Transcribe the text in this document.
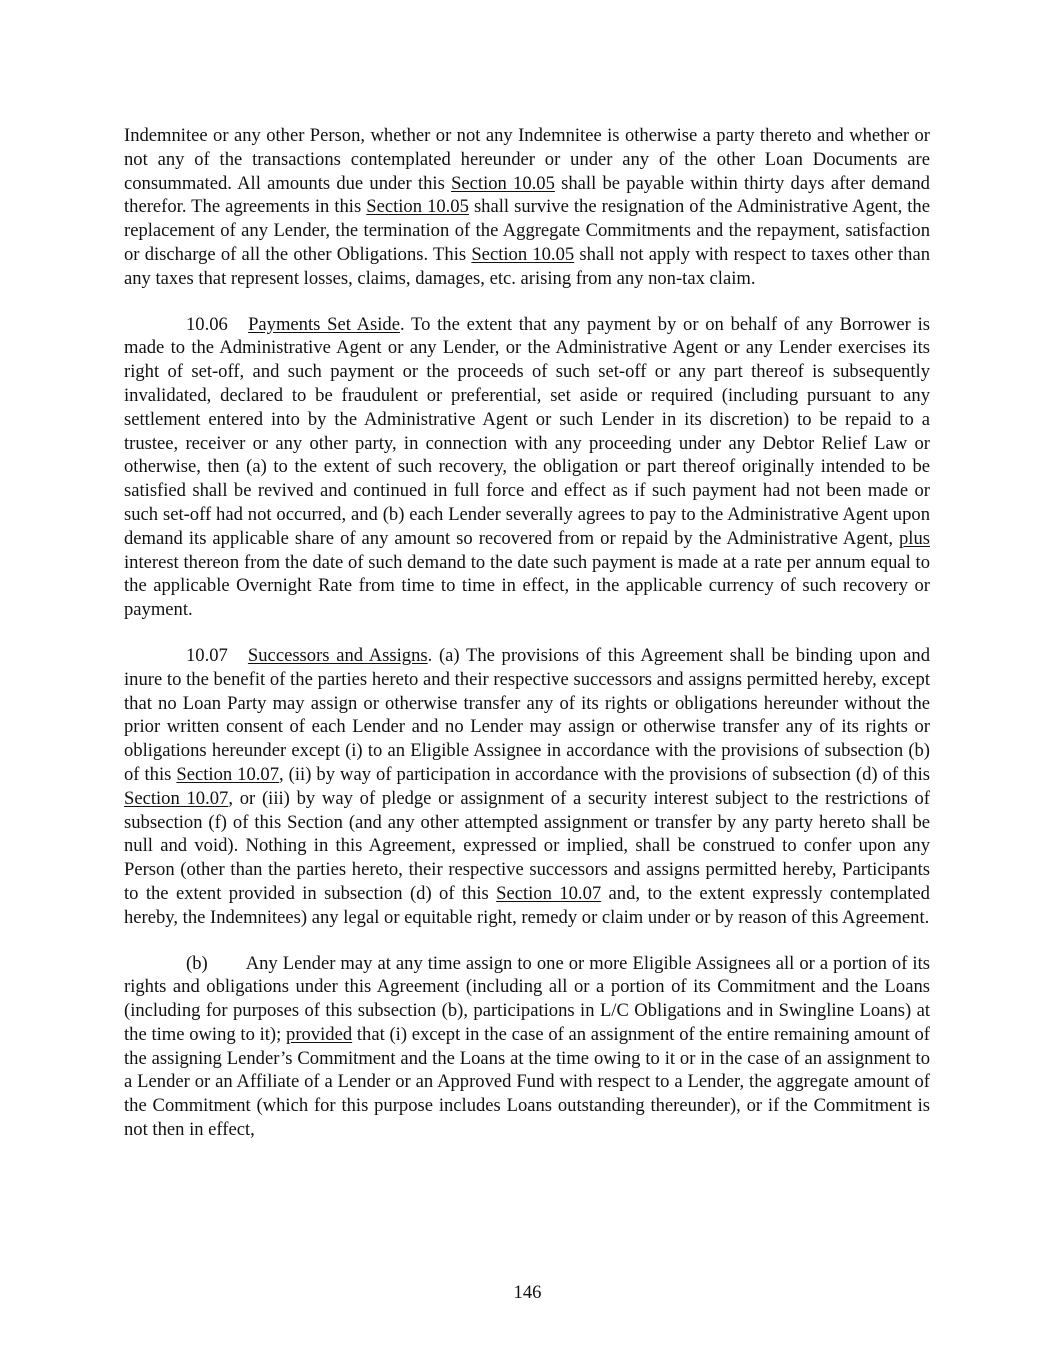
Indemnitee or any other Person, whether or not any Indemnitee is otherwise a party thereto and whether or not any of the transactions contemplated hereunder or under any of the other Loan Documents are consummated. All amounts due under this Section 10.05 shall be payable within thirty days after demand therefor. The agreements in this Section 10.05 shall survive the resignation of the Administrative Agent, the replacement of any Lender, the termination of the Aggregate Commitments and the repayment, satisfaction or discharge of all the other Obligations. This Section 10.05 shall not apply with respect to taxes other than any taxes that represent losses, claims, damages, etc. arising from any non-tax claim.

10.06 Payments Set Aside. To the extent that any payment by or on behalf of any Borrower is made to the Administrative Agent or any Lender, or the Administrative Agent or any Lender exercises its right of set-off, and such payment or the proceeds of such set-off or any part thereof is subsequently invalidated, declared to be fraudulent or preferential, set aside or required (including pursuant to any settlement entered into by the Administrative Agent or such Lender in its discretion) to be repaid to a trustee, receiver or any other party, in connection with any proceeding under any Debtor Relief Law or otherwise, then (a) to the extent of such recovery, the obligation or part thereof originally intended to be satisfied shall be revived and continued in full force and effect as if such payment had not been made or such set-off had not occurred, and (b) each Lender severally agrees to pay to the Administrative Agent upon demand its applicable share of any amount so recovered from or repaid by the Administrative Agent, plus interest thereon from the date of such demand to the date such payment is made at a rate per annum equal to the applicable Overnight Rate from time to time in effect, in the applicable currency of such recovery or payment.

10.07 Successors and Assigns. (a) The provisions of this Agreement shall be binding upon and inure to the benefit of the parties hereto and their respective successors and assigns permitted hereby, except that no Loan Party may assign or otherwise transfer any of its rights or obligations hereunder without the prior written consent of each Lender and no Lender may assign or otherwise transfer any of its rights or obligations hereunder except (i) to an Eligible Assignee in accordance with the provisions of subsection (b) of this Section 10.07, (ii) by way of participation in accordance with the provisions of subsection (d) of this Section 10.07, or (iii) by way of pledge or assignment of a security interest subject to the restrictions of subsection (f) of this Section (and any other attempted assignment or transfer by any party hereto shall be null and void). Nothing in this Agreement, expressed or implied, shall be construed to confer upon any Person (other than the parties hereto, their respective successors and assigns permitted hereby, Participants to the extent provided in subsection (d) of this Section 10.07 and, to the extent expressly contemplated hereby, the Indemnitees) any legal or equitable right, remedy or claim under or by reason of this Agreement.

(b) Any Lender may at any time assign to one or more Eligible Assignees all or a portion of its rights and obligations under this Agreement (including all or a portion of its Commitment and the Loans (including for purposes of this subsection (b), participations in L/C Obligations and in Swingline Loans) at the time owing to it); provided that (i) except in the case of an assignment of the entire remaining amount of the assigning Lender’s Commitment and the Loans at the time owing to it or in the case of an assignment to a Lender or an Affiliate of a Lender or an Approved Fund with respect to a Lender, the aggregate amount of the Commitment (which for this purpose includes Loans outstanding thereunder), or if the Commitment is not then in effect,

146
